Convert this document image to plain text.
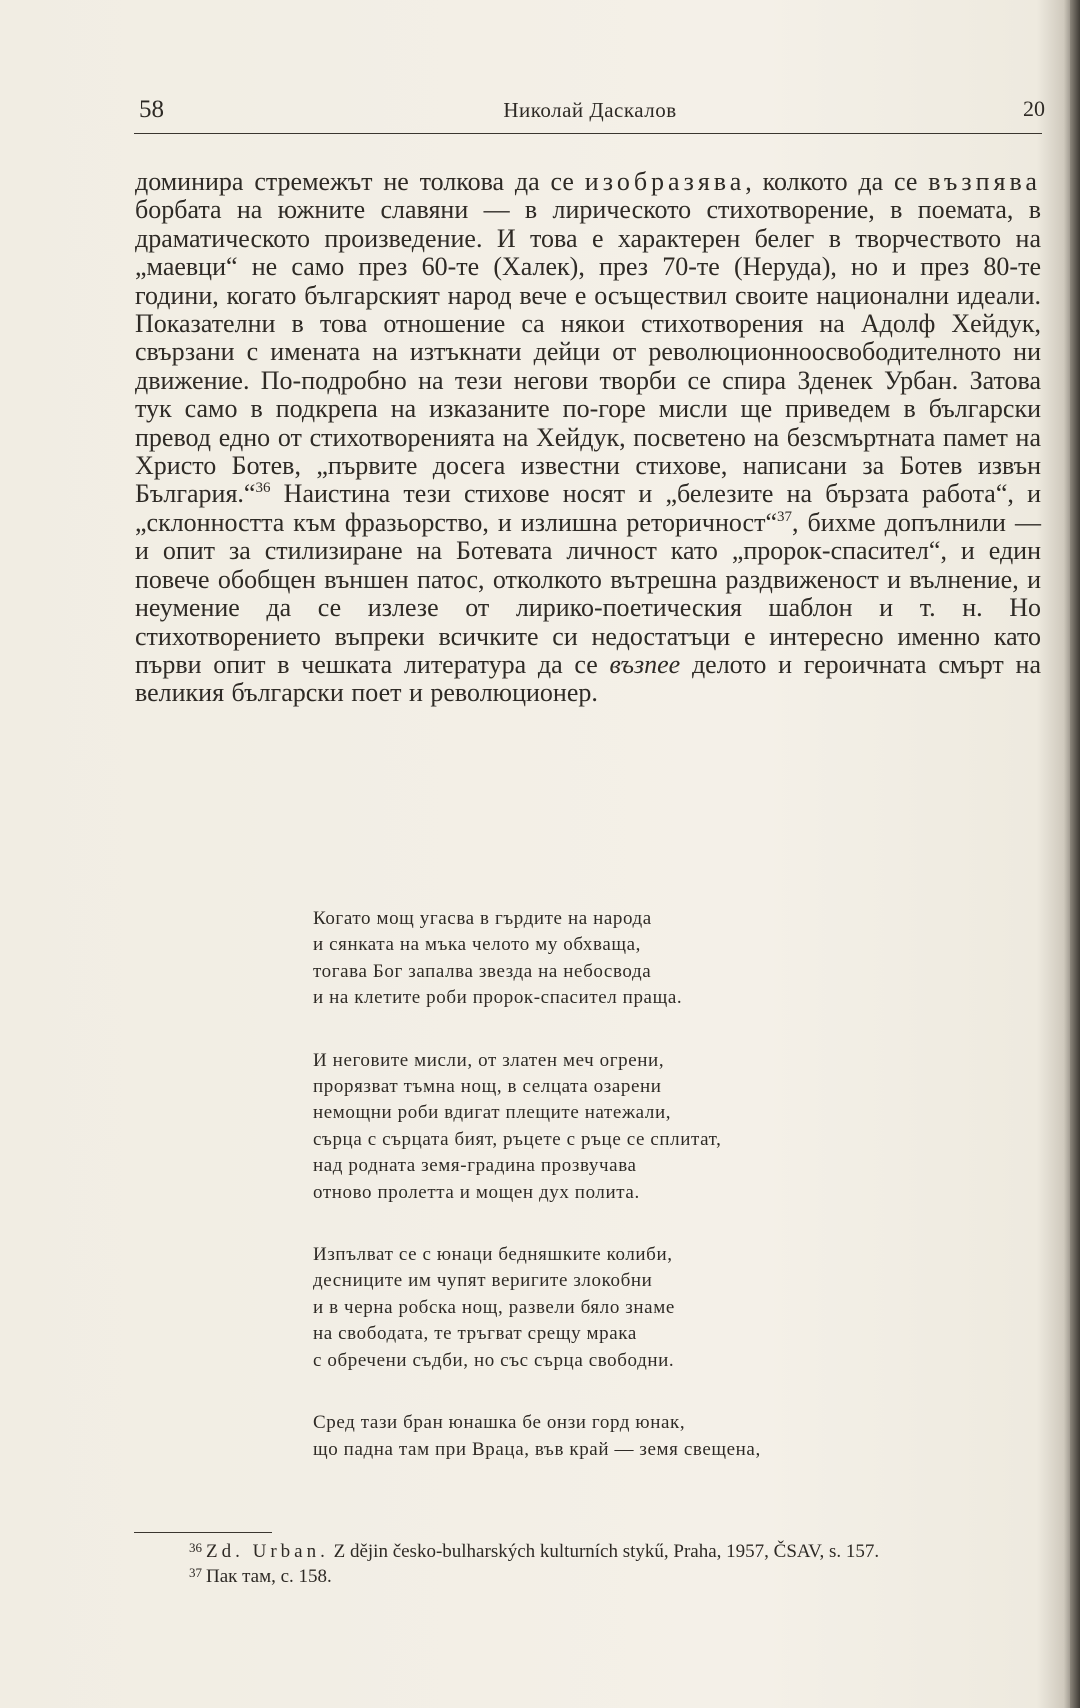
Николай Даскалов
58	20

доминира стремежът не толкова да се изобразява, колкото да се възпява борбата на южните славяни — в лирическото стихотворение, в поемата, в драматическото произведение. И това е характерен белег в творчеството на „маевци“ не само през 60-те (Халек), през 70-те (Неруда), но и през 80-те години, когато българският народ вече е осъществил своите национални идеали. Показателни в това отношение са някои стихотворения на Адолф Хейдук, свързани с имената на изтъкнати дейци от революционноосвободителното ни движение. По-подробно на тези негови творби се спира Зденек Урбан. Затова тук само в подкрепа на изказаните по-горе мисли ще приведем в български превод едно от стихотворенията на Хейдук, посветено на безсмъртната памет на Христо Ботев, „първите досега известни стихове, написани за Ботев извън България.“$^{36}$ Наистина тези стихове носят и „белезите на бързата работа“, и „склонността към фразьорство, и излишна реторичност“$^{37}$, бихме допълнили — и опит за стилизиране на Ботевата личност като „пророк-спасител“, и един повече обобщен външен патос, отколкото вътрешна раздвиженост и вълнение, и неумение да се излезе от лирико-поетическия шаблон и т. н. Но стихотворението въпреки всичките си недостатъци е интересно именно като първи опит в чешката литература да се възпее делото и героичната смърт на великия български поет и революционер.

Когато мощ угасва в гърдите на народа
и сянката на мъка челото му обхваща,
тогава Бог запалва звезда на небосвода
и на клетите роби пророк-спасител праща.
И неговите мисли, от златен меч огрени,
прорязват тъмна нощ, в селцата озарени
немощни роби вдигат плещите натежали,
сърца с сърцата бият, ръцете с ръце се сплитат,
над родната земя-градина прозвучава
отново пролетта и мощен дух полита.
Изпълват се с юнаци бедняшките колиби,
десниците им чупят веригите злокобни
и в черна робска нощ, развели бяло знаме
на свободата, те тръгват срещу мрака
с обречени съдби, но със сърца свободни.
Сред тази бран юнашка бе онзи горд юнак,
що падна там при Враца, във край — земя свещена,

$^{36}$ Zd. Urban. Z dějin česko-bulharských kulturních stykű, Praha, 1957, ČSAV, s. 157.

$^{37}$ Пак там, с. 158.
